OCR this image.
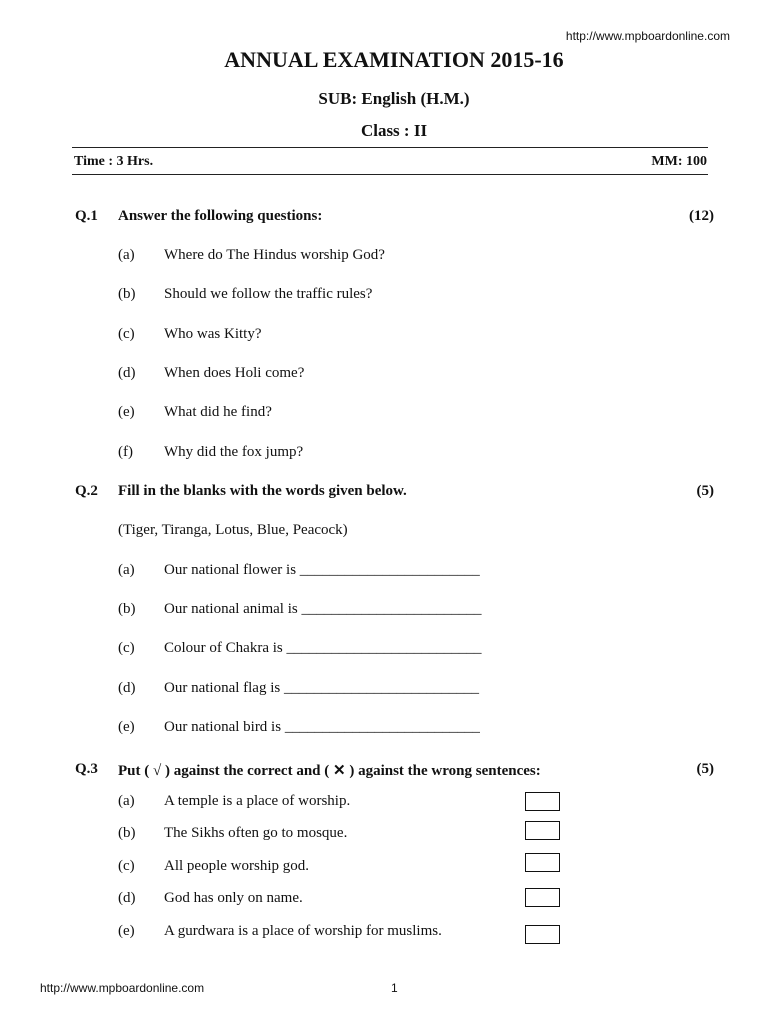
http://www.mpboardonline.com
ANNUAL EXAMINATION 2015-16
SUB: English (H.M.)
Class : II
Time : 3 Hrs.	MM: 100
Q.1 Answer the following questions:	(12)
(a) Where do The Hindus worship God?
(b) Should we follow the traffic rules?
(c) Who was Kitty?
(d) When does Holi come?
(e) What did he find?
(f) Why did the fox jump?
Q.2 Fill in the blanks with the words given below.	(5)
(Tiger, Tiranga, Lotus, Blue, Peacock)
(a) Our national flower is ________________________
(b) Our national animal is ________________________
(c) Colour of Chakra is __________________________
(d) Our national flag is __________________________
(e) Our national bird is __________________________
Q.3 Put ( √ ) against the correct and ( ✕ ) against the wrong sentences:	(5)
(a) A temple is a place of worship.
(b) The Sikhs often go to mosque.
(c) All people worship god.
(d) God has only on name.
(e) A gurdwara is a place of worship for muslims.
http://www.mpboardonline.com	1
